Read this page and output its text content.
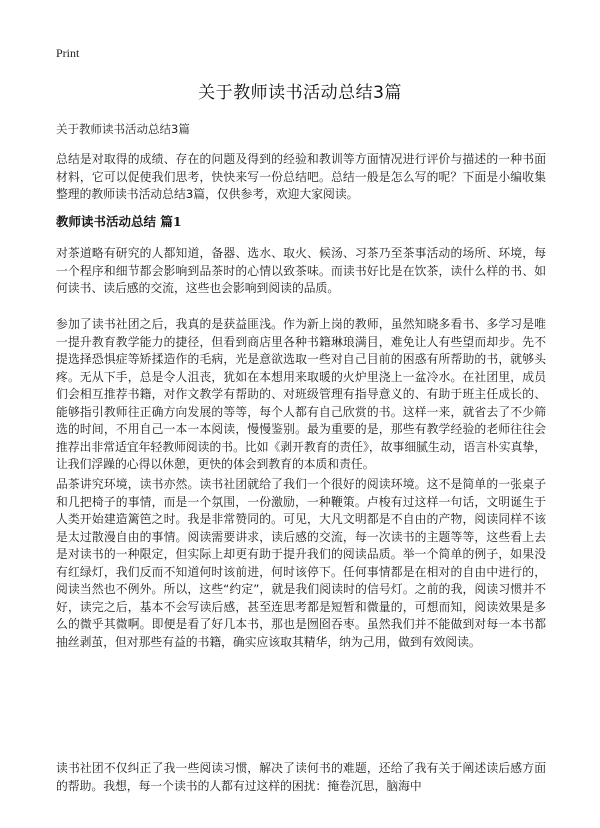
Print
关于教师读书活动总结3篇

关于教师读书活动总结3篇

总结是对取得的成绩、存在的问题及得到的经验和教训等方面情况进行评价与描述的一种书面材料，它可以促使我们思考，快快来写一份总结吧。总结一般是怎么写的呢？下面是小编收集整理的教师读书活动总结3篇，仅供参考，欢迎大家阅读。

教师读书活动总结 篇1

对茶道略有研究的人都知道，备器、选水、取火、候汤、习茶乃至茶事活动的场所、环境，每一个程序和细节都会影响到品茶时的心情以致茶味。而读书好比是在饮茶，读什么样的书、如何读书、读后感的交流，这些也会影响到阅读的品质。

参加了读书社团之后，我真的是获益匪浅。作为新上岗的教师，虽然知晓多看书、多学习是唯一提升教育教学能力的捷径，但看到商店里各种书籍琳琅满目，难免让人有些望而却步。先不提选择恐惧症等矫揉造作的毛病，光是意欲选取一些对自己目前的困惑有所帮助的书，就够头疼。无从下手，总是令人沮丧，犹如在本想用来取暖的火炉里浇上一盆冷水。在社团里，成员们会相互推荐书籍，对作文教学有帮助的、对班级管理有指导意义的、有助于班主任成长的、能够指引教师往正确方向发展的等等，每个人都有自己欣赏的书。这样一来，就省去了不少筛选的时间，不用自己一本一本阅读，慢慢鉴别。最为重要的是，那些有教学经验的老师往往会推荐出非常适宜年轻教师阅读的书。比如《剥开教育的责任》，故事细腻生动，语言朴实真挚，让我们浮躁的心得以休憩，更快的体会到教育的本质和责任。

品茶讲究环境，读书亦然。读书社团就给了我们一个很好的阅读环境。这不是简单的一张桌子和几把椅子的事情，而是一个氛围，一份激励，一种鞭策。卢梭有过这样一句话，文明诞生于人类开始建造篱笆之时。我是非常赞同的。可见，大凡文明都是不自由的产物，阅读同样不该是太过散漫自由的事情。阅读需要讲求，读后感的交流，每一次读书的主题等等，这些看上去是对读书的一种限定，但实际上却更有助于提升我们的阅读品质。举一个简单的例子，如果没有红绿灯，我们反而不知道何时该前进，何时该停下。任何事情都是在相对的自由中进行的，阅读当然也不例外。所以，这些“约定”，就是我们阅读时的信号灯。之前的我，阅读习惯并不好，读完之后，基本不会写读后感，甚至连思考都是短暂和微量的，可想而知，阅读效果是多么的微乎其微啊。即便是看了好几本书，那也是囫囵吞枣。虽然我们并不能做到对每一本书都抽丝剥茧，但对那些有益的书籍，确实应该取其精华，纳为己用，做到有效阅读。

读书社团不仅纠正了我一些阅读习惯，解决了读何书的难题，还给了我有关于阐述读后感方面的帮助。我想，每一个读书的人都有过这样的困扰：掩卷沉思，脑海中
